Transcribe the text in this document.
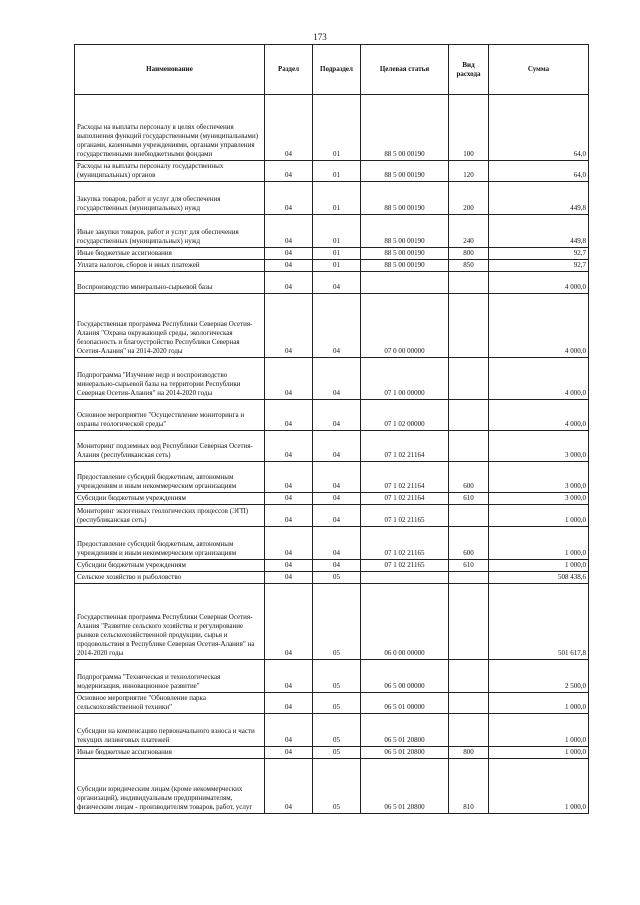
173
Наименование	Раздел	Подраздел	Целевая статья	Вид расхода	Сумма
Расходы на выплаты персоналу в целях обеспечения выполнения функций государственными (муниципальными) органами, казенными учреждениями, органами управления государственными внебюджетными фондами	04	01	88 5 00 00190	100	64,0
Расходы на выплаты персоналу государственных (муниципальных) органов	04	01	88 5 00 00190	120	64,0
Закупка товаров, работ и услуг для обеспечения государственных (муниципальных) нужд	04	01	88 5 00 00190	200	449,8
Иные закупки товаров, работ и услуг для обеспечения государственных (муниципальных) нужд	04	01	88 5 00 00190	240	449,8
Иные бюджетные ассигнования	04	01	88 5 00 00190	800	92,7
Уплата налогов, сборов и иных платежей	04	01	88 5 00 00190	850	92,7
Воспроизводство минерально-сырьевой базы	04	04			4 000,0
Государственная программа Республики Северная Осетия-Алания "Охрана окружающей среды, экологическая безопасность и благоустройство Республики Северная Осетия-Алания" на 2014-2020 годы	04	04	07 0 00 00000		4 000,0
Подпрограмма "Изучение недр и воспроизводство минерально-сырьевой базы на территории Республики Северная Осетия-Алания" на 2014-2020 годы	04	04	07 1 00 00000		4 000,0
Основное мероприятие "Осуществление мониторинга и охраны геологической среды"	04	04	07 1 02 00000		4 000,0
Мониторинг подземных вод Республики Северная Осетия-Алания (республиканская сеть)	04	04	07 1 02 21164		3 000,0
Предоставление субсидий бюджетным, автономным учреждениям и иным некоммерческим организациям	04	04	07 1 02 21164	600	3 000,0
Субсидии бюджетным учреждениям	04	04	07 1 02 21164	610	3 000,0
Мониторинг экзогенных геологических процессов (ЭГП) (республиканская сеть)	04	04	07 1 02 21165		1 000,0
Предоставление субсидий бюджетным, автономным учреждениям и иным некоммерческим организациям	04	04	07 1 02 21165	600	1 000,0
Субсидии бюджетным учреждениям	04	04	07 1 02 21165	610	1 000,0
Сельское хозяйство и рыболовство	04	05			508 438,6
Государственная программа Республики Северная Осетия-Алания "Развитие сельского хозяйства и регулирование рынков сельскохозяйственной продукции, сырья и продовольствия в Республике Северная Осетия-Алания" на 2014-2020 годы	04	05	06 0 00 00000		501 617,8
Подпрограмма "Техническая и технологическая модернизация, инновационное развитие"	04	05	06 5 00 00000		2 500,0
Основное мероприятие "Обновление парка сельскохозяйственной техники"	04	05	06 5 01 00000		1 000,0
Субсидии на компенсацию первоначального взноса и части текущих лизинговых платежей	04	05	06 5 01 20800		1 000,0
Иные бюджетные ассигнования	04	05	06 5 01 20800	800	1 000,0
Субсидии юридическим лицам (кроме некоммерческих организаций), индивидуальным предпринимателям, физическим лицам - производителям товаров, работ, услуг	04	05	06 5 01 20800	810	1 000,0
